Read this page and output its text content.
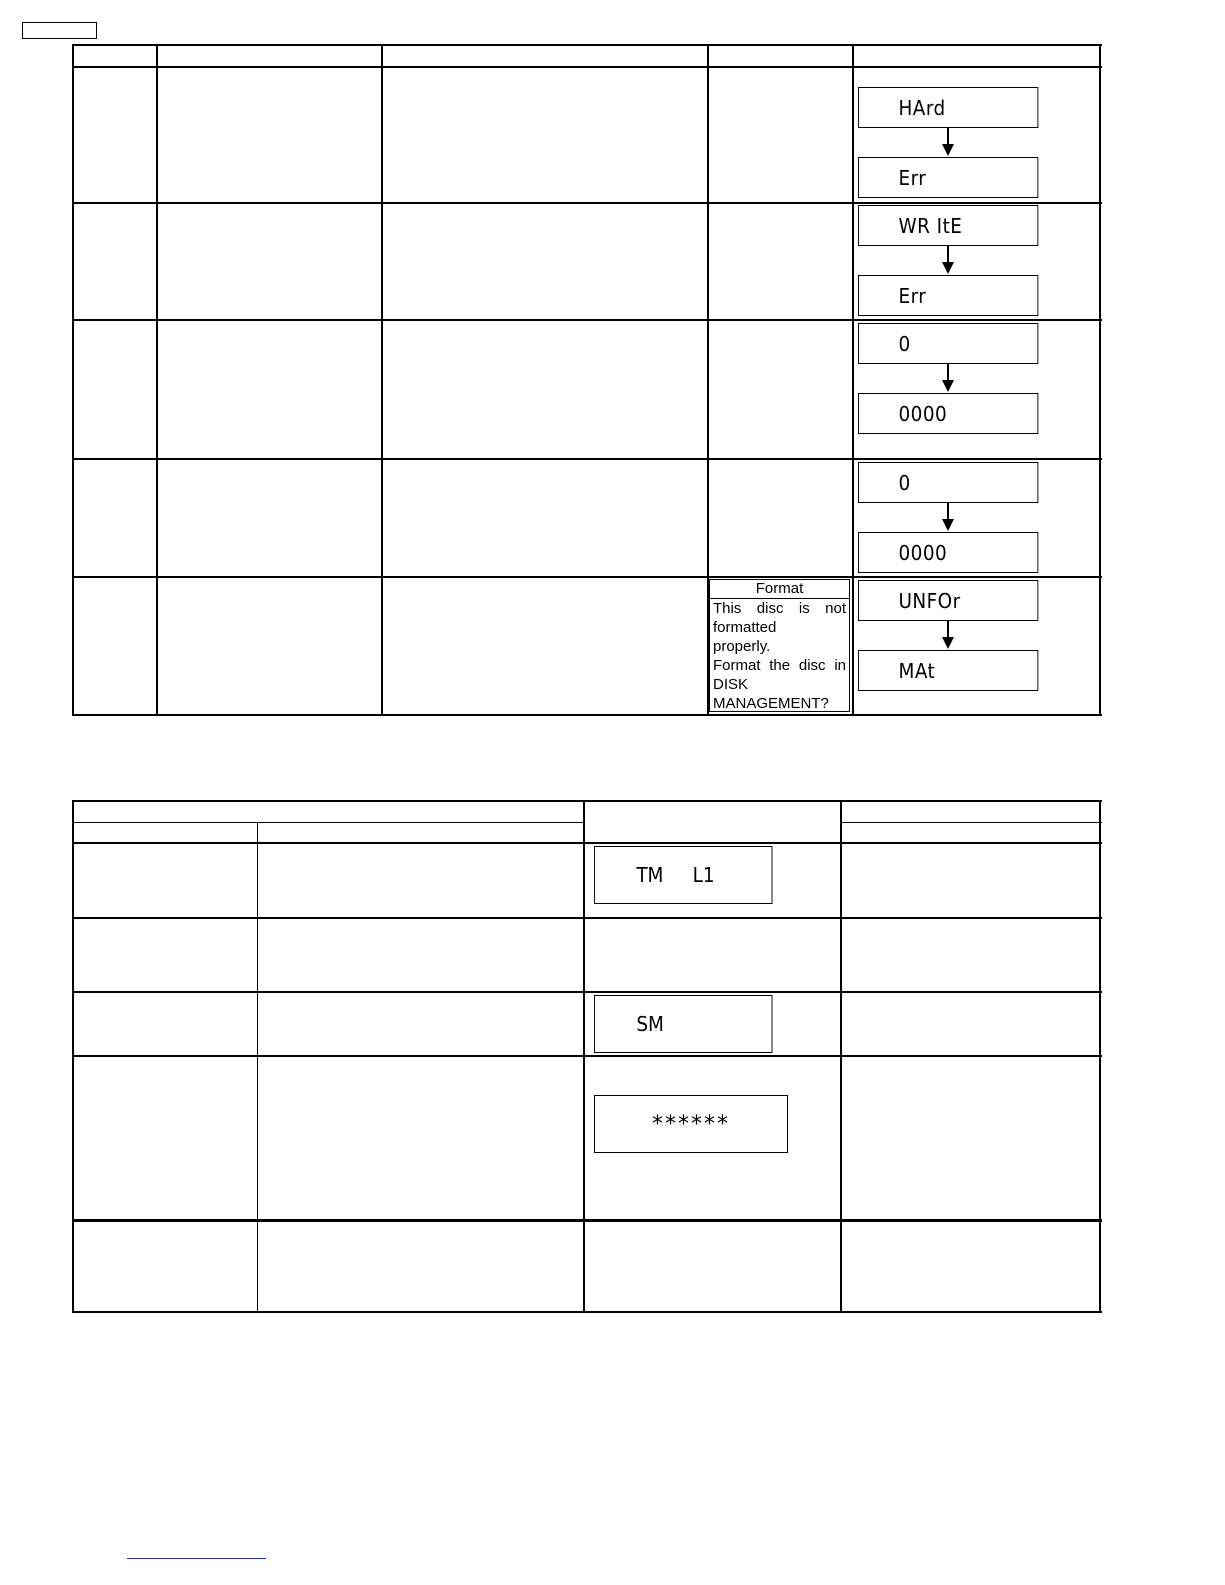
HArd
Err
WR ItE
Err
0
0000
0
0000
Format
This disc is not
formatted
properly.
Format the disc in
DISK
MANAGEMENT?
UNFOr
MAt
TM     L1
SM
******
